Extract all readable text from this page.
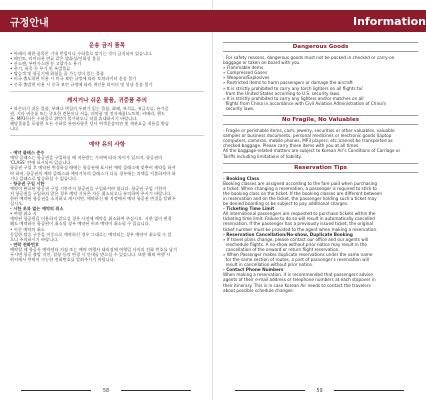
규정안내
운송 금지 품목
• 아래의 제한 품목은 기내 반입이나 수하물로 맡기는 것이 금지되어 있습니다.
• 페인트, 라이터용 연료 같은 발화성/인화성 물질
• 산소캔, 부탄가스캔 등 고압가스 용기
• 총기, 폭죽 등 무기 및 폭발물류
• 탑승객 및 항공기에 위험을 줄 가능성이 있는 물품
• 미국 출도착편 이용 시 미국 보안 규정에 따라 토치라이터 운송 불가
• 중국 출발편 이용 시 중국 보안 규정에 따라 개인용 라이터 및 성냥 운송 불가
깨지거나 쉬운 물품, 귀중품 주의
• 파손되기 쉬운 물품, 부패나 변질의 우려가 있는 물품, 화폐, 보석류, 귀금속류, 유가증
권, 기타 귀중품 또는 중요한 견본이나 서류, 의약품 및 전자제품(노트북, 카메라, 핸드
폰, MP3등)은 수하물로 위탁이 불가하오니 직접 휴대하시기 바랍니다.
해당물품을 포함한 모든 수하물 관련사항은 당사 여객운송약관 및 세관요금 적용을 받습
니다.
예약 유의 사항
- 예약 클래스 준수
예약 클래스는 항공권을 구입하실 때 적용받는 가격에 따라 차이가 있으며, 항공권의
'CLASS' 란에 표시되어 있습니다.
항공권 구입 후 예약된 변경하실 때에는 항공권에 표시된 예약 클래스에 맞추어 예약을 하셔
야 하며, 항공권의 예약 클래스와 예약기록의 클래스가 다를 경우에는 차액을 지불하셔야 하
거나 클래스로 탑승하실 수 없습니다.
- 항공권 구입 시한
예약이 완료된 항공권 구입 기한까지 항공권을 구입하셔야 합니다. 항공권 구입 기한까
지 항공권을 구입하지 않은 경우 예약 기록은 자동 취소되오니 유의하여 주시기 바랍니다.
한편 예약된 항공권을 소지하고 계시지만, 예약하신 해 지정에서 예약 항공권 변경을 알려주
십시오.
- 시한 초과 없는 예약의 취소
• 여행 취소 시
예약된 항공편을 이용하지 않으실 경우 사전에 예약을 취소하여 주십시오. 시한 없이 변경
해도 예약하신 항공편이 취소될 경우 예약된 비즈 예약이 취소될 수 있습니다.
• 이중 예약의 취소
동일한 탑승 구간을 이중으로 예약하신 경우 그대로는 예약되는 경우 예약이 취소될 수 있
으니 주의하시기 바랍니다.
- 연락 전화번호
예약할 때 항공사 예약센터 지점 또는 예약 여행사 대리점에 여행일 사이의 전화 번호를 남겨
두시면 항공 출발 지연, 결항 등의 변경 시 안내를 받으실 수 있습니다. 또한 해외 여행 시
현지에서 연락이 가능한 전화번호를 알려주시기 바랍니다.
58
Information
Dangerous Goods
- For safety reasons, dangerous goods must not be packed in checked or carry-on
baggage or taken on board with you.
» Flammable items
» Compressed Gases
» Weapons/Explosives
» Restricted items to harm passengers or damage the aircraft
» It is strictly prohibited to carry any torch lighters on all flights to/
from the United States according to U.S. security laws.
» It is strictly prohibited to carry any lighters and/or matches on all
flights from China in accordance with Civil Aviation Administration of China's
security laws.
No Fragile, No Valuables
- Fragile or perishable items, cash, jewelry, securities or other valuables, valuable
samples or business documents, personal medicines or electronic goods (laptop
computers, cameras, mobile phones, MP3 players, etc.)cannot be transported as
checked baggage. Please carry these items with you at all times.
All the baggage-related matters are subject to Korean Air's Conditions of Carriage or
Tariffs including limitations of liability.
Reservation Tips
- Booking Class
Booking classes are assigned according to the fare paid when purchasing
a ticket. When changing a reservation, a passenger is required to stick to
the booking class on the ticket. If the booking classes are different between
in reservation and on the ticket, the passenger holding such a ticket may
be denied boarding or be subject to pay additional charges.
- Ticketing Time Limit
All international passengers are requested to purchase tickets within the
ticketing time limit. Failure to do so will result in automatically cancelled
reservation. If the passenger has a previously issued ticket, the original
ticket number must be provided to the agent when making a reservation.
- Reservation Cancellation/No-show, Duplicate Booking
» If travel plans change, please contact our office and our agents will
reschedule flights. A no-show without prior notice may result in the
cancellation of the onward or return flight reservation.
» When Passenger makes duplicate reservations under the same name
for the same section of routes, a part of passenger's reservation will
result in cancellation without prior notice.
- Contact Phone Numbers
When making a reservation, it is recommended that passengers advise
agents of their e-mail address or telephone numbers at each stopover in
their itinerary. This is in case Korean Air needs to contact the travelers
about possible schedule changes.
59
